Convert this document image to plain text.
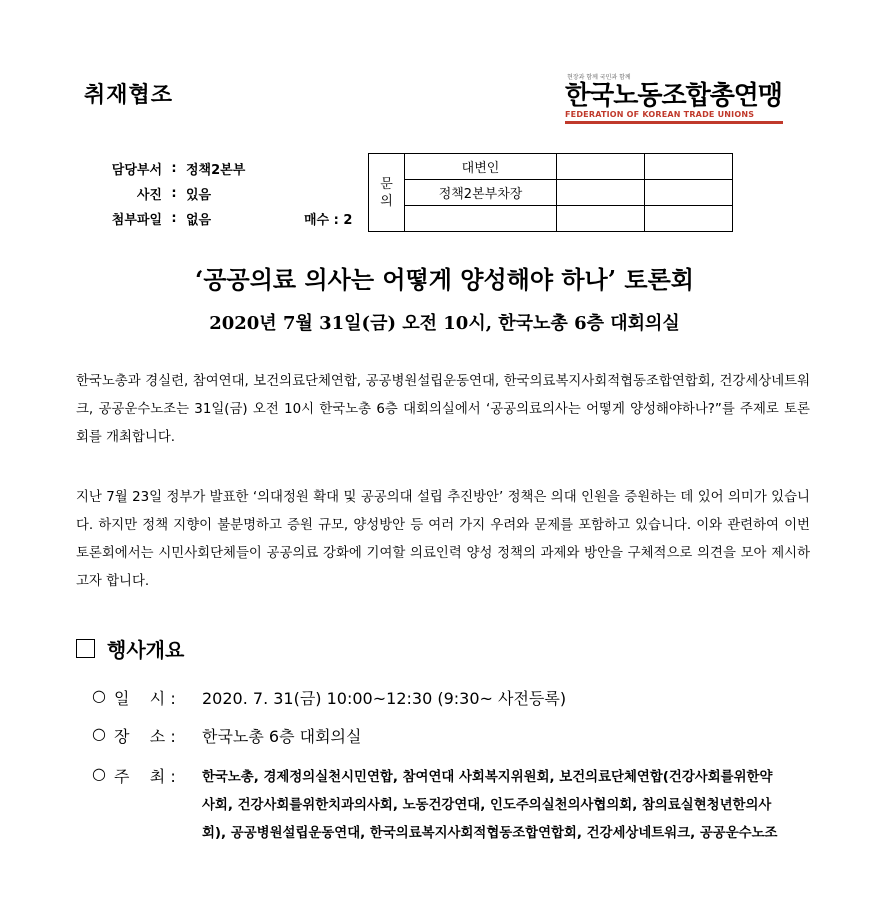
취재협조
현장과 함께 국민과 함께
한국노동조합총연맹
FEDERATION OF KOREAN TRADE UNIONS
담당부서 : 정책2본부
사진 : 있음
첨부파일 : 없음	매수 : 2
문
의	대변인		
	정책2본부차장		

‘공공의료 의사는 어떻게 양성해야 하나’ 토론회
2020년 7월 31일(금) 오전 10시, 한국노총 6층 대회의실
한국노총과 경실련, 참여연대, 보건의료단체연합, 공공병원설립운동연대, 한국의료복지사회적협동조합연합회, 건강세상네트워크, 공공운수노조는 31일(금) 오전 10시 한국노총 6층 대회의실에서 ‘공공의료의사는 어떻게 양성해야하나?”를 주제로 토론회를 개최합니다.
지난 7월 23일 정부가 발표한 ‘의대정원 확대 및 공공의대 설립 추진방안’ 정책은 의대 인원을 증원하는 데 있어 의미가 있습니다. 하지만 정책 지향이 불분명하고 증원 규모, 양성방안 등 여러 가지 우려와 문제를 포함하고 있습니다. 이와 관련하여 이번 토론회에서는 시민사회단체들이 공공의료 강화에 기여할 의료인력 양성 정책의 과제와 방안을 구체적으로 의견을 모아 제시하고자 합니다.
행사개요
○ 일    시 :	2020. 7. 31(금) 10:00~12:30 (9:30~ 사전등록)
○ 장    소 :	한국노총 6층 대회의실
○ 주    최 :	한국노총, 경제정의실천시민연합, 참여연대 사회복지위원회, 보건의료단체연합(건강사회를위한약사회, 건강사회를위한치과의사회, 노동건강연대, 인도주의실천의사협의회, 참의료실현청년한의사회), 공공병원설립운동연대, 한국의료복지사회적협동조합연합회, 건강세상네트워크, 공공운수노조
